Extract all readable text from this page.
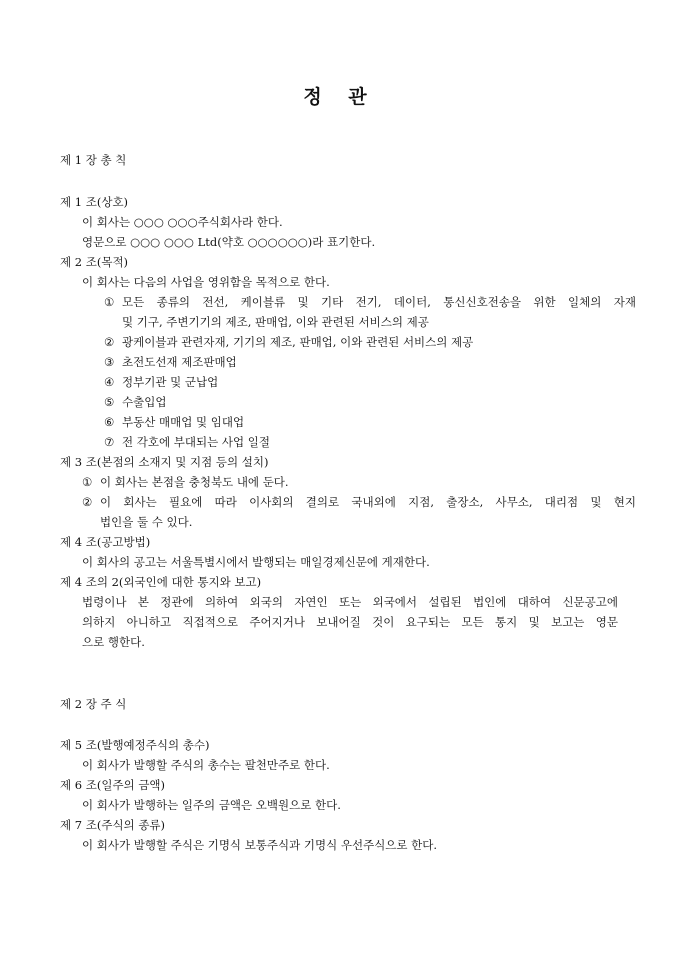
정 관
제 1 장 총 칙
제 1 조(상호)
이 회사는 ○○○ ○○○주식회사라 한다.
영문으로 ○○○ ○○○ Ltd(약호 ○○○○○○)라 표기한다.
제 2 조(목적)
이 회사는 다음의 사업을 영위함을 목적으로 한다.
① 모든 종류의 전선, 케이블류 및 기타 전기, 데이터, 통신신호전송을 위한 일체의 자재
및 기구, 주변기기의 제조, 판매업, 이와 관련된 서비스의 제공
② 광케이블과 관련자재, 기기의 제조, 판매업, 이와 관련된 서비스의 제공
③ 초전도선재 제조판매업
④ 정부기관 및 군납업
⑤ 수출입업
⑥ 부동산 매매업 및 임대업
⑦ 전 각호에 부대되는 사업 일절
제 3 조(본점의 소재지 및 지점 등의 설치)
① 이 회사는 본점을 충청북도 내에 둔다.
② 이 회사는 필요에 따라 이사회의 결의로 국내외에 지점, 출장소, 사무소, 대리점 및 현지
법인을 둘 수 있다.
제 4 조(공고방법)
이 회사의 공고는 서울특별시에서 발행되는 매일경제신문에 게재한다.
제 4 조의 2(외국인에 대한 통지와 보고)
법령이나 본 정관에 의하여 외국의 자연인 또는 외국에서 설립된 법인에 대하여 신문공고에
의하지 아니하고 직접적으로 주어지거나 보내어질 것이 요구되는 모든 통지 및 보고는 영문
으로 행한다.
제 2 장 주 식
제 5 조(발행예정주식의 총수)
이 회사가 발행할 주식의 총수는 팔천만주로 한다.
제 6 조(일주의 금액)
이 회사가 발행하는 일주의 금액은 오백원으로 한다.
제 7 조(주식의 종류)
이 회사가 발행할 주식은 기명식 보통주식과 기명식 우선주식으로 한다.
